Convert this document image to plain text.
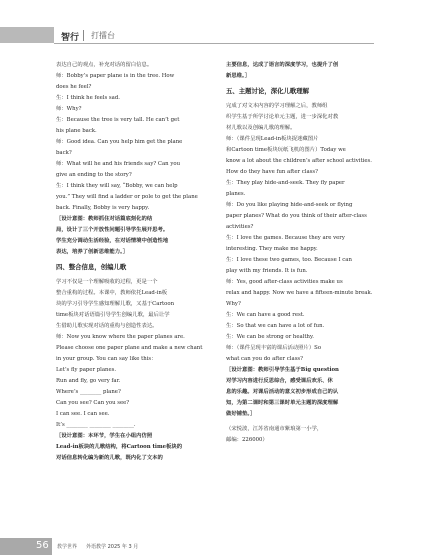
智行 打擂台
表达自己的观点，补充对话的留白信息。
师：Bobby’s paper plane is in the tree. How
does he feel?
生：I think he feels sad.
师：Why?
生：Because the tree is very tall. He can’t get
his plane back.
师：Good idea. Can you help him get the plane
back?
师：What will he and his friends say? Can you
give an ending to the story?
生：I think they will say, “Bobby, we can help
you.” They will find a ladder or pole to get the plane
back. Finally, Bobby is very happy.
［设计意图：教师抓住对话篇底刻化的结
局，设计了三个开放性问题引导学生展开思考。
学生充分调动生活经验，在对话情境中创造性地
表达，培养了创新思维能力。］
四、整合信息，创编儿歌
学习不仅是一个理解吸收的过程，更是一个
整合重构的过程。本课中，教师依托Lead-in板
块的学习引导学生感知理解儿歌，又基于Cartoon
time板块对话语篇引导学生创编儿歌，最后让学
生借助儿歌实现对话的重构与创造性表达。
师：Now you know where the paper planes are.
Please choose one paper plane and make a new chant
in your group. You can say like this：
Let’s fly paper planes.
Run and fly, go very far.
Where’s ________ plane?
Can you see? Can you see?
I can see. I can see.
It’s ________ ________ ________.
［设计意图：本环节，学生在小组内仿照
Lead-in板块的儿歌结构，将Cartoon time板块的
对话信息转化编为新的儿歌，既内化了文本的
主要信息，达成了语言的深度学习，也提升了创
新思维。］
五、主题讨论，深化儿歌理解
完成了对文本内容的学习理解之后，教师组
织学生基于所学讨论单元主题，进一步深化对教
材儿歌以及创编儿歌的理解。
师：（课件呈现Lead-in板块捉迷藏图片
和Cartoon time板块玩纸飞机的图片）Today we
know a lot about the children’s after school activities.
How do they have fun after class?
生：They play hide-and-seek. They fly paper
planes.
师：Do you like playing hide-and-seek or flying
paper planes? What do you think of their after-class
activities?
生：I love the games. Because they are very
interesting. They make me happy.
生：I love these two games, too. Because I can
play with my friends. It is fun.
师：Yes, good after-class activities make us
relax and happy. Now we have a fifteen-minute break.
Why?
生：We can have a good rest.
生：So that we can have a lot of fun.
生：We can be strong or healthy.
师：（课件呈现丰富的课后活动照片）So
what can you do after class?
［设计意图：教师引导学生基于Big question
对学习内容进行反思综合，感受课后欢乐、休
息的乐趣。对课后活动的意义初步形成自己的认
知，为第二课时和第三课时单元主题的深度理解
做好铺垫。］
（宋悦波，江苏省南通市紫琅第一小学，
邮编：226000）
56 教学世界 外语教学 2025 年 3 月
